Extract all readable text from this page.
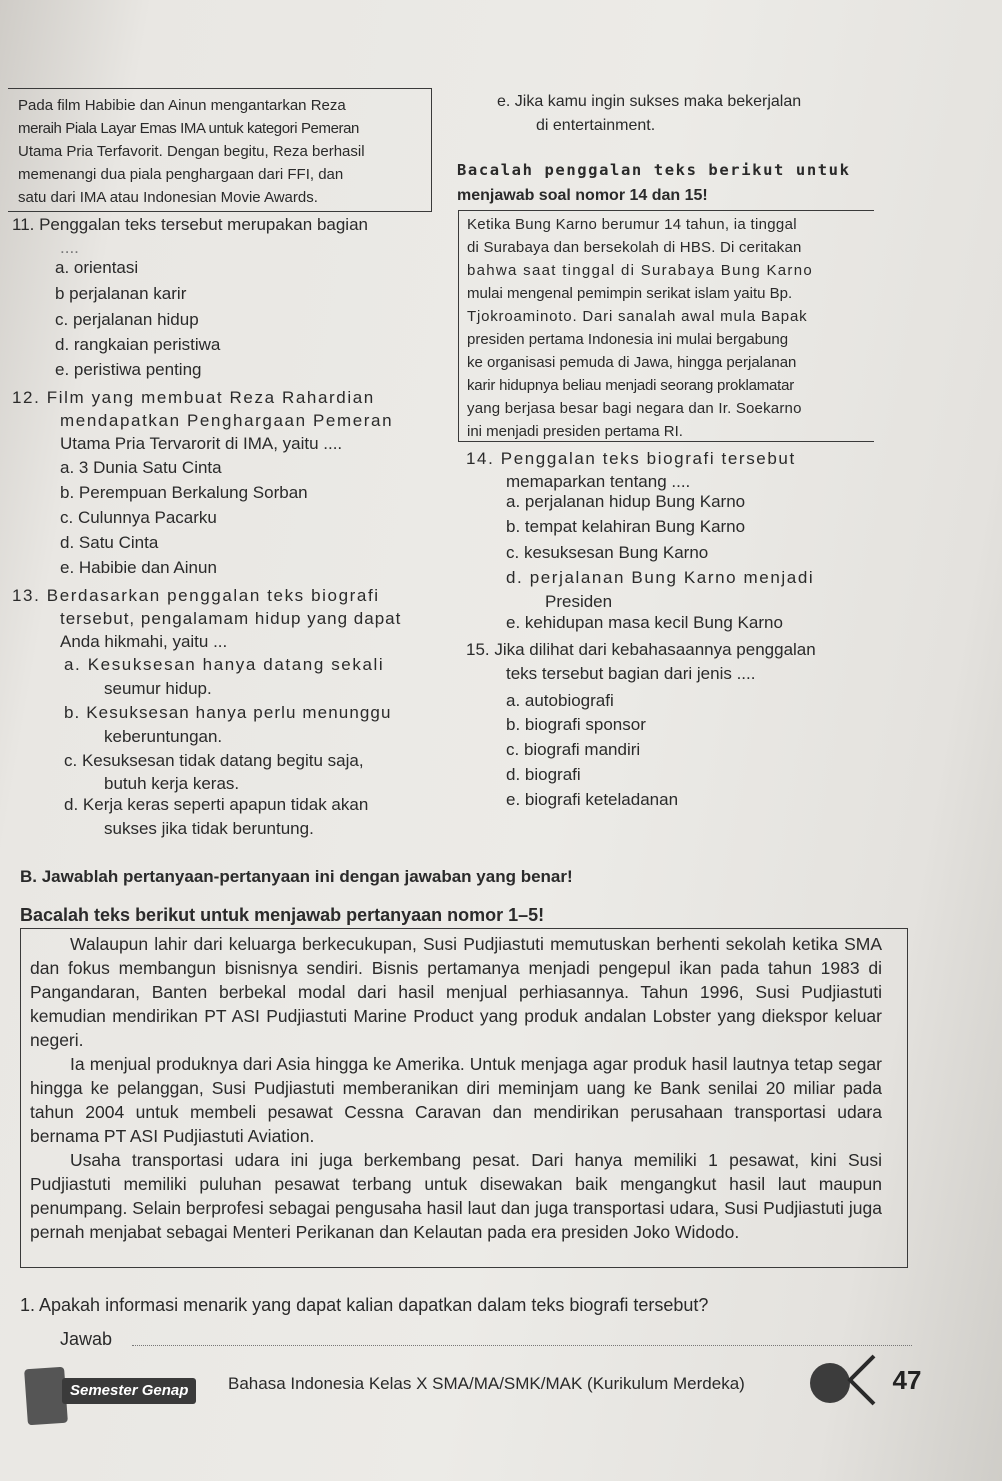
Pada film Habibie dan Ainun mengantarkan Reza
meraih Piala Layar Emas IMA untuk kategori Pemeran
Utama Pria Terfavorit. Dengan begitu, Reza berhasil
memenangi dua piala penghargaan dari FFI, dan
satu dari IMA atau Indonesian Movie Awards.
e. Jika kamu ingin sukses maka bekerjalan
di entertainment.
Bacalah penggalan teks berikut untuk
menjawab soal nomor 14 dan 15!
11. Penggalan teks tersebut merupakan bagian
....
a. orientasi
b perjalanan karir
c. perjalanan hidup
d. rangkaian peristiwa
e. peristiwa penting
12. Film yang membuat Reza Rahardian
mendapatkan Penghargaan Pemeran
Utama Pria Tervarorit di IMA, yaitu ....
a. 3 Dunia Satu Cinta
b. Perempuan Berkalung Sorban
c. Culunnya Pacarku
d. Satu Cinta
e. Habibie dan Ainun
13. Berdasarkan penggalan teks biografi
tersebut, pengalamam hidup yang dapat
Anda hikmahi, yaitu ...
a. Kesuksesan hanya datang sekali
seumur hidup.
b. Kesuksesan hanya perlu menunggu
keberuntungan.
c. Kesuksesan tidak datang begitu saja,
butuh kerja keras.
d. Kerja keras seperti apapun tidak akan
sukses jika tidak beruntung.
Ketika Bung Karno berumur 14 tahun, ia tinggal
di Surabaya dan bersekolah di HBS. Di ceritakan
bahwa saat tinggal di Surabaya Bung Karno
mulai mengenal pemimpin serikat islam yaitu Bp.
Tjokroaminoto. Dari sanalah awal mula Bapak
presiden pertama Indonesia ini mulai bergabung
ke organisasi pemuda di Jawa, hingga perjalanan
karir hidupnya beliau menjadi seorang proklamatar
yang berjasa besar bagi negara dan Ir. Soekarno
ini menjadi presiden pertama RI.
14. Penggalan teks biografi tersebut
memaparkan tentang ....
a. perjalanan hidup Bung Karno
b. tempat kelahiran Bung Karno
c. kesuksesan Bung Karno
d. perjalanan Bung Karno menjadi
Presiden
e. kehidupan masa kecil Bung Karno
15. Jika dilihat dari kebahasaannya penggalan
teks tersebut bagian dari jenis ....
a. autobiografi
b. biografi sponsor
c. biografi mandiri
d. biografi
e. biografi keteladanan
B. Jawablah pertanyaan-pertanyaan ini dengan jawaban yang benar!
Bacalah teks berikut untuk menjawab pertanyaan nomor 1–5!

Walaupun lahir dari keluarga berkecukupan, Susi Pudjiastuti memutuskan berhenti sekolah ketika SMA dan fokus membangun bisnisnya sendiri. Bisnis pertamanya menjadi pengepul ikan pada tahun 1983 di Pangandaran, Banten berbekal modal dari hasil menjual perhiasannya. Tahun 1996, Susi Pudjiastuti kemudian mendirikan PT ASI Pudjiastuti Marine Product yang produk andalan Lobster yang diekspor keluar negeri.

Ia menjual produknya dari Asia hingga ke Amerika. Untuk menjaga agar produk hasil lautnya tetap segar hingga ke pelanggan, Susi Pudjiastuti memberanikan diri meminjam uang ke Bank senilai 20 miliar pada tahun 2004 untuk membeli pesawat Cessna Caravan dan mendirikan perusahaan transportasi udara bernama PT ASI Pudjiastuti Aviation.

Usaha transportasi udara ini juga berkembang pesat. Dari hanya memiliki 1 pesawat, kini Susi Pudjiastuti memiliki puluhan pesawat terbang untuk disewakan baik mengangkut hasil laut maupun penumpang. Selain berprofesi sebagai pengusaha hasil laut dan juga transportasi udara, Susi Pudjiastuti juga pernah menjabat sebagai Menteri Perikanan dan Kelautan pada era presiden Joko Widodo.

1. Apakah informasi menarik yang dapat kalian dapatkan dalam teks biografi tersebut?
Jawab
Semester Genap	Bahasa Indonesia Kelas X SMA/MA/SMK/MAK (Kurikulum Merdeka)	47
